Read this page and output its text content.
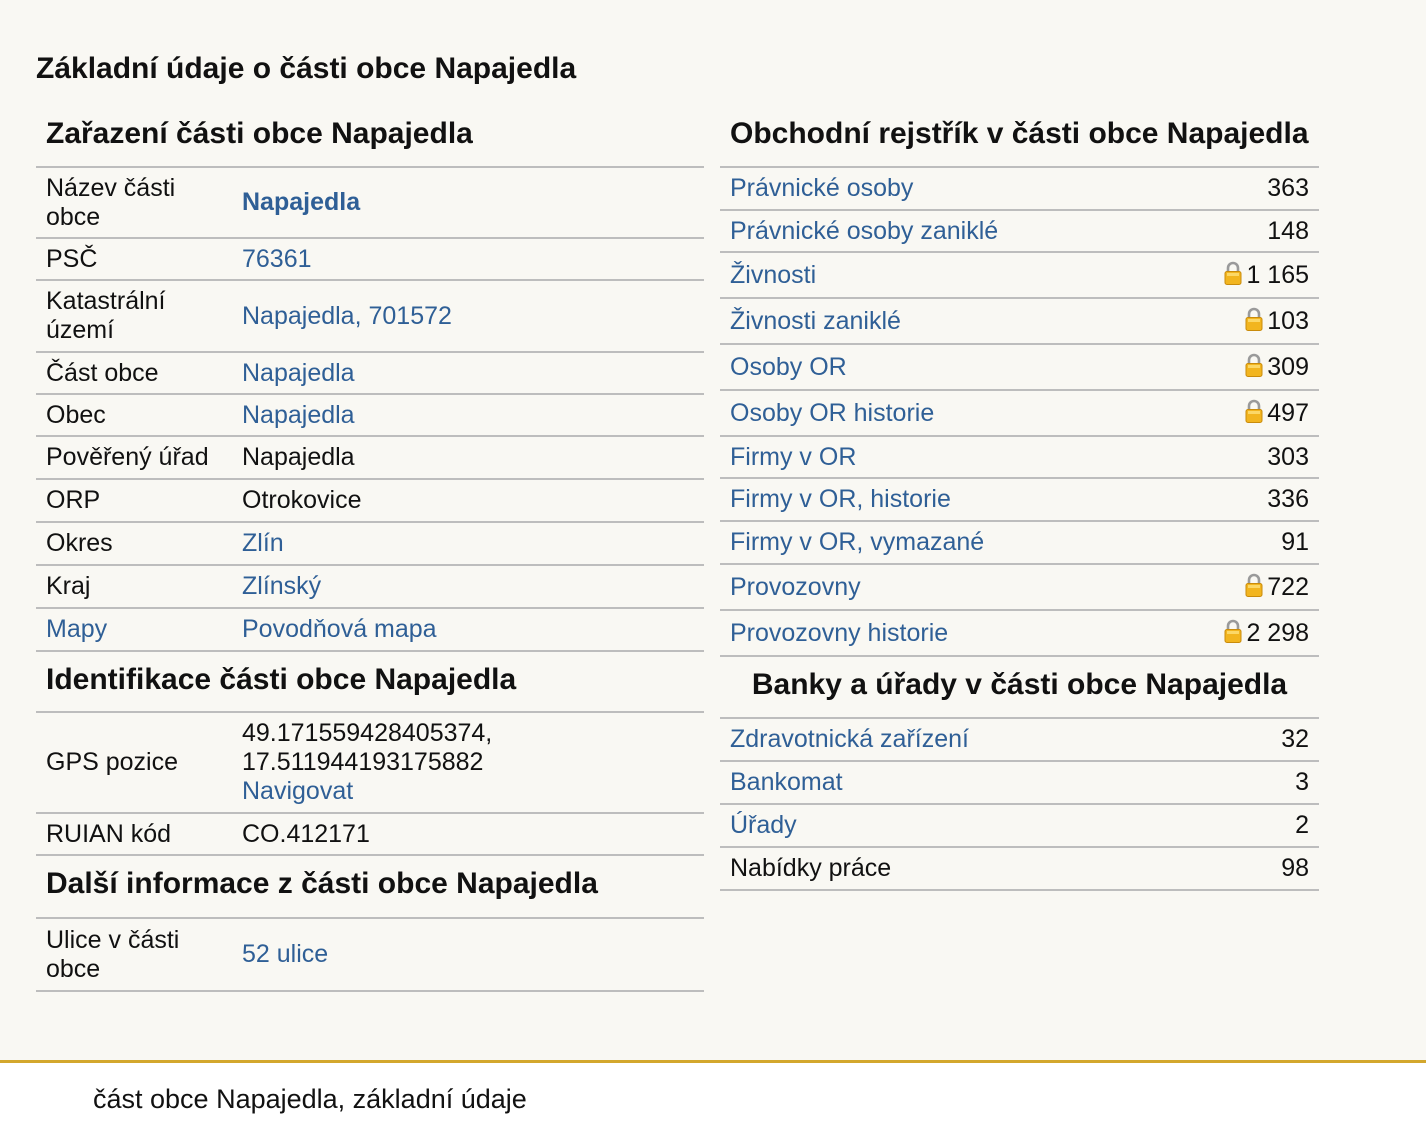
Základní údaje o části obce Napajedla
Zařazení části obce Napajedla
Název části obce	Napajedla
PSČ	76361
Katastrální území	Napajedla, 701572
Část obce	Napajedla
Obec	Napajedla
Pověřený úřad	Napajedla
ORP	Otrokovice
Okres	Zlín
Kraj	Zlínský
Mapy	Povodňová mapa
Identifikace části obce Napajedla
GPS pozice	49.171559428405374,
17.511944193175882
Navigovat
RUIAN kód	CO.412171
Další informace z části obce Napajedla
Ulice v části obce	52 ulice
Obchodní rejstřík v části obce Napajedla
Právnické osoby	363
Právnické osoby zaniklé	148
Živnosti	1 165
Živnosti zaniklé	103
Osoby OR	309
Osoby OR historie	497
Firmy v OR	303
Firmy v OR, historie	336
Firmy v OR, vymazané	91
Provozovny	722
Provozovny historie	2 298
Banky a úřady v části obce Napajedla
Zdravotnická zařízení	32
Bankomat	3
Úřady	2
Nabídky práce	98
část obce Napajedla, základní údaje
